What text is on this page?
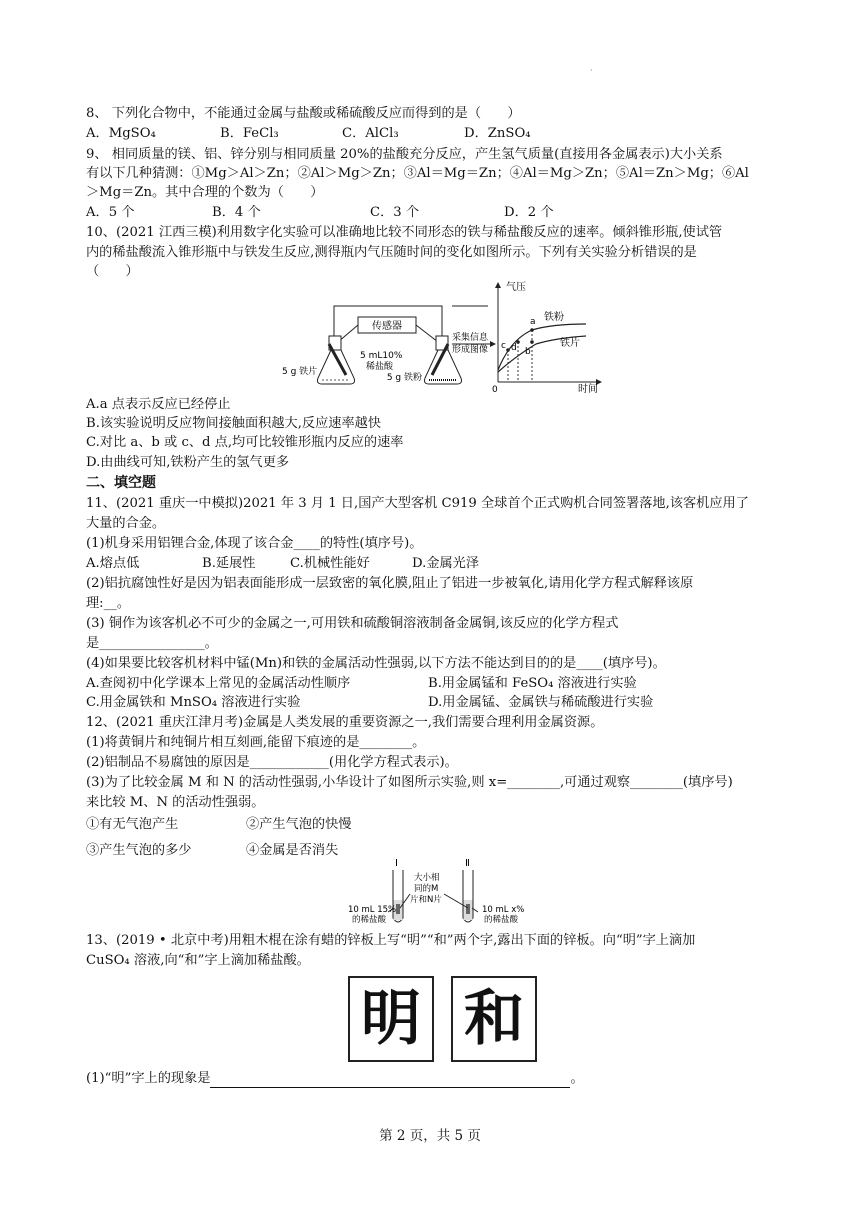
·
8、 下列化合物中，不能通过金属与盐酸或稀硫酸反应而得到的是（　　）
A．MgSO₄	B．FeCl₃	C．AlCl₃	D．ZnSO₄
9、 相同质量的镁、铝、锌分别与相同质量 20%的盐酸充分反应，产生氢气质量(直接用各金属表示)大小关系
有以下几种猜测：①Mg＞Al＞Zn；②Al＞Mg＞Zn；③Al＝Mg＝Zn；④Al＝Mg＞Zn；⑤Al＝Zn＞Mg；⑥Al
＞Mg＝Zn。其中合理的个数为（　　）
A．5 个	B．4 个	C．3 个	D．2 个
10、(2021 江西三模)利用数字化实验可以准确地比较不同形态的铁与稀盐酸反应的速率。倾斜锥形瓶,使试管
内的稀盐酸流入锥形瓶中与铁发生反应,测得瓶内气压随时间的变化如图所示。下列有关实验分析错误的是
（　　）
传感器
5 g 铁片
5 mL10%
稀盐酸
5 g 铁粉
采集信息
形成图像
气压
时间
0
a
b
c d
铁粉
铁片
A.a 点表示反应已经停止
B.该实验说明反应物间接触面积越大,反应速率越快
C.对比 a、b 或 c、d 点,均可比较锥形瓶内反应的速率
D.由曲线可知,铁粉产生的氢气更多
二、填空题
11、(2021 重庆一中模拟)2021 年 3 月 1 日,国产大型客机 C919 全球首个正式购机合同签署落地,该客机应用了
大量的合金。
(1)机身采用铝锂合金,体现了该合金____的特性(填序号)。
A.熔点低	B.延展性	C.机械性能好	D.金属光泽
(2)铝抗腐蚀性好是因为铝表面能形成一层致密的氧化膜,阻止了铝进一步被氧化,请用化学方程式解释该原
理:__。
(3) 铜作为该客机必不可少的金属之一,可用铁和硫酸铜溶液制备金属铜,该反应的化学方程式
是________________。
(4)如果要比较客机材料中锰(Mn)和铁的金属活动性强弱,以下方法不能达到目的的是____(填序号)。
A.查阅初中化学课本上常见的金属活动性顺序	B.用金属锰和 FeSO₄ 溶液进行实验
C.用金属铁和 MnSO₄ 溶液进行实验	D.用金属锰、金属铁与稀硫酸进行实验
12、(2021 重庆江津月考)金属是人类发展的重要资源之一,我们需要合理利用金属资源。
(1)将黄铜片和纯铜片相互刻画,能留下痕迹的是________。
(2)铝制品不易腐蚀的原因是____________(用化学方程式表示)。
(3)为了比较金属 M 和 N 的活动性强弱,小华设计了如图所示实验,则 x=________,可通过观察________(填序号)
来比较 M、N 的活动性强弱。
①有无气泡产生	②产生气泡的快慢
③产生气泡的多少	④金属是否消失
Ⅰ	Ⅱ
10 mL 15%
的稀盐酸
大小相
同的M
片和N片
10 mL x%
的稀盐酸
13、(2019 • 北京中考)用粗木棍在涂有蜡的锌板上写“明”“和”两个字,露出下面的锌板。向“明”字上滴加
CuSO₄ 溶液,向“和”字上滴加稀盐酸。
明 和
(1)“明”字上的现象是	。
第 2 页，共 5 页
